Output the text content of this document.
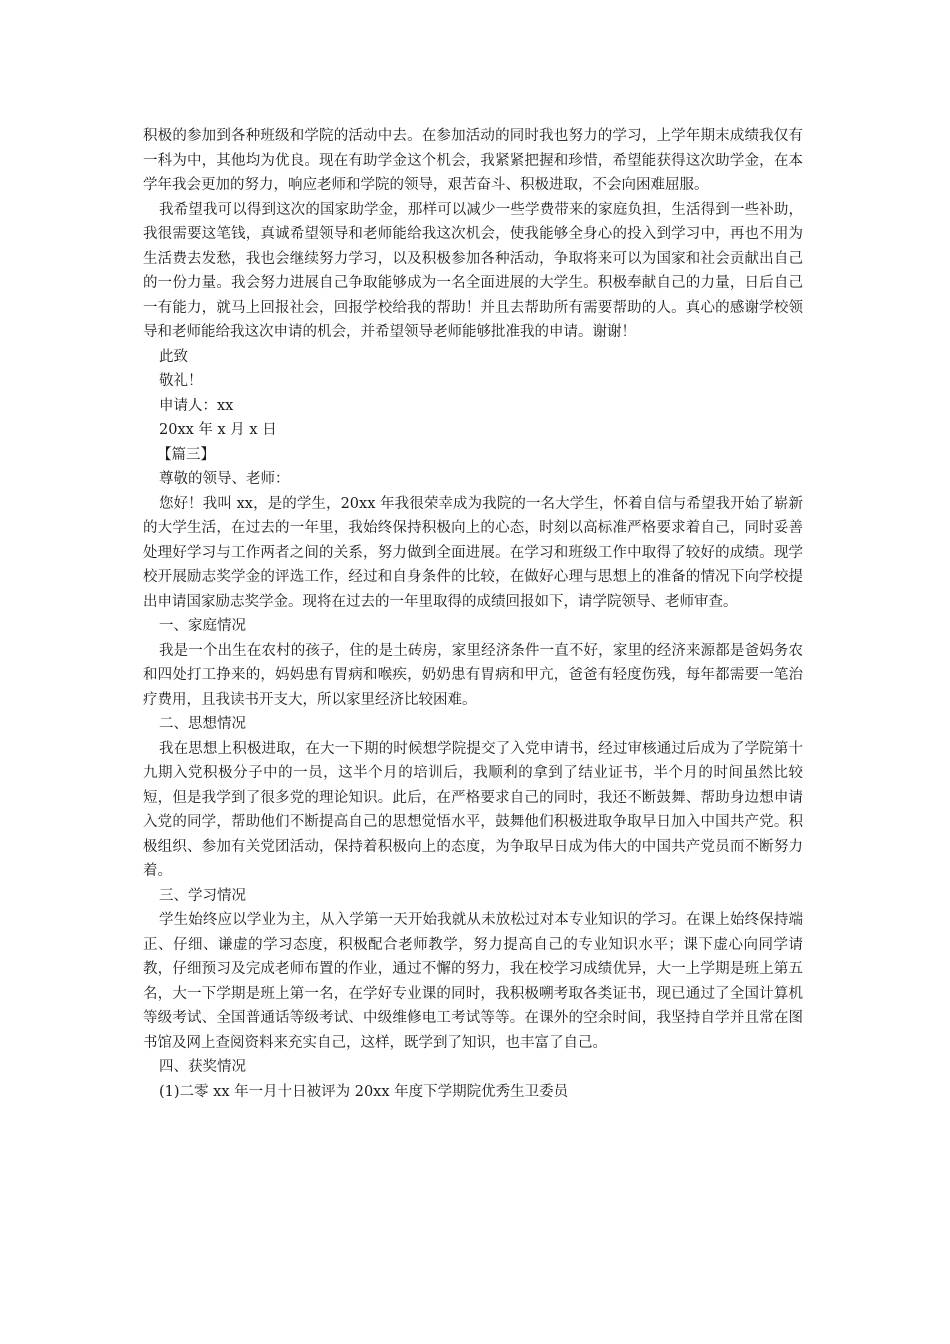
积极的参加到各种班级和学院的活动中去。在参加活动的同时我也努力的学习，上学年期末成绩我仅有一科为中，其他均为优良。现在有助学金这个机会，我紧紧把握和珍惜，希望能获得这次助学金，在本学年我会更加的努力，响应老师和学院的领导，艰苦奋斗、积极进取，不会向困难屈服。

我希望我可以得到这次的国家助学金，那样可以减少一些学费带来的家庭负担，生活得到一些补助，我很需要这笔钱，真诚希望领导和老师能给我这次机会，使我能够全身心的投入到学习中，再也不用为生活费去发愁，我也会继续努力学习，以及积极参加各种活动，争取将来可以为国家和社会贡献出自己的一份力量。我会努力进展自己争取能够成为一名全面进展的大学生。积极奉献自己的力量，日后自己一有能力，就马上回报社会，回报学校给我的帮助！并且去帮助所有需要帮助的人。真心的感谢学校领导和老师能给我这次申请的机会，并希望领导老师能够批准我的申请。谢谢！

此致

敬礼！

申请人：xx

20xx 年 x 月 x 日

【篇三】

尊敬的领导、老师：

您好！我叫 xx，是的学生，20xx 年我很荣幸成为我院的一名大学生，怀着自信与希望我开始了崭新的大学生活，在过去的一年里，我始终保持积极向上的心态，时刻以高标准严格要求着自己，同时妥善处理好学习与工作两者之间的关系，努力做到全面进展。在学习和班级工作中取得了较好的成绩。现学校开展励志奖学金的评选工作，经过和自身条件的比较，在做好心理与思想上的准备的情况下向学校提出申请国家励志奖学金。现将在过去的一年里取得的成绩回报如下，请学院领导、老师审查。

一、家庭情况

我是一个出生在农村的孩子，住的是土砖房，家里经济条件一直不好，家里的经济来源都是爸妈务农和四处打工挣来的，妈妈患有胃病和喉疾，奶奶患有胃病和甲亢，爸爸有轻度伤残，每年都需要一笔治疗费用，且我读书开支大，所以家里经济比较困难。

二、思想情况

我在思想上积极进取，在大一下期的时候想学院提交了入党申请书，经过审核通过后成为了学院第十九期入党积极分子中的一员，这半个月的培训后，我顺利的拿到了结业证书，半个月的时间虽然比较短，但是我学到了很多党的理论知识。此后，在严格要求自己的同时，我还不断鼓舞、帮助身边想申请入党的同学，帮助他们不断提高自己的思想觉悟水平，鼓舞他们积极进取争取早日加入中国共产党。积极组织、参加有关党团活动，保持着积极向上的态度，为争取早日成为伟大的中国共产党员而不断努力着。

三、学习情况

学生始终应以学业为主，从入学第一天开始我就从未放松过对本专业知识的学习。在课上始终保持端正、仔细、谦虚的学习态度，积极配合老师教学，努力提高自己的专业知识水平；课下虚心向同学请教，仔细预习及完成老师布置的作业，通过不懈的努力，我在校学习成绩优异，大一上学期是班上第五名，大一下学期是班上第一名，在学好专业课的同时，我积极嗍考取各类证书，现已通过了全国计算机等级考试、全国普通话等级考试、中级维修电工考试等等。在课外的空余时间，我坚持自学并且常在图书馆及网上查阅资料来充实自己，这样，既学到了知识，也丰富了自己。

四、获奖情况

(1)二零 xx 年一月十日被评为 20xx 年度下学期院优秀生卫委员
